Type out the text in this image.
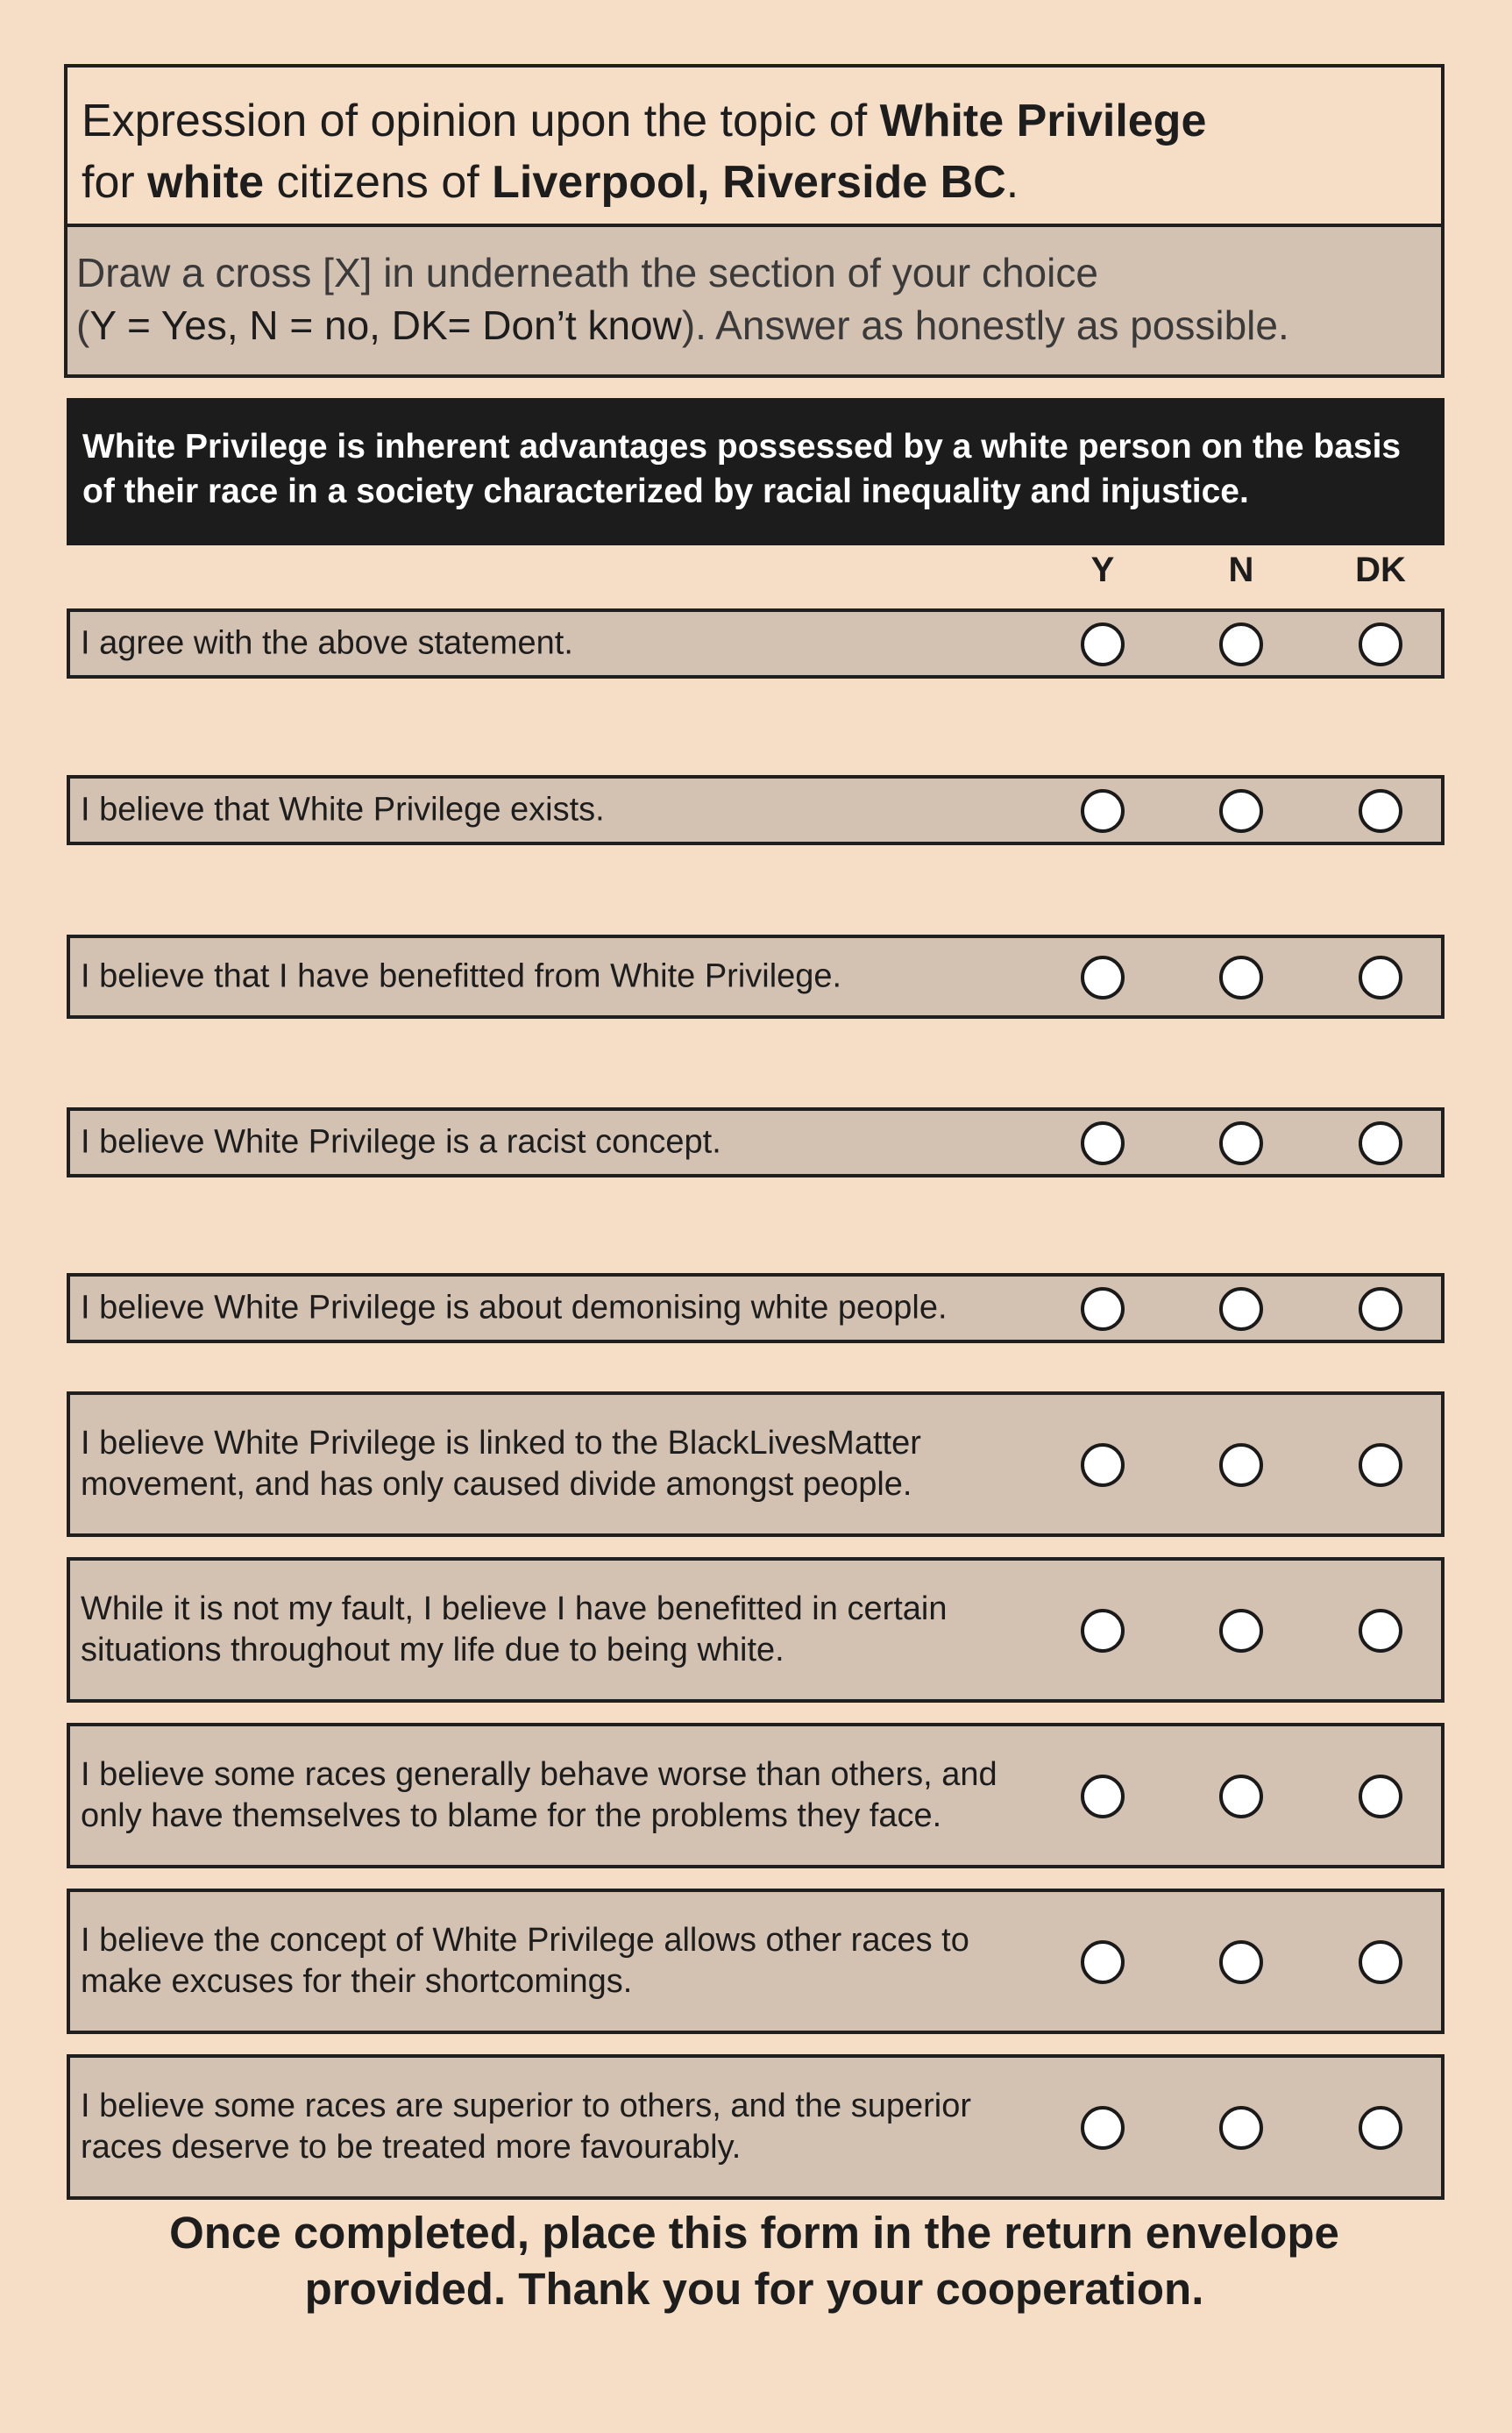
Expression of opinion upon the topic of White Privilege
for white citizens of Liverpool, Riverside BC.
Draw a cross [X] in underneath the section of your choice
(Y = Yes, N = no, DK= Don’t know). Answer as honestly as possible.
White Privilege is inherent advantages possessed by a white person on the basis
of their race in a society characterized by racial inequality and injustice.
Y	N	DK
I agree with the above statement.
I believe that White Privilege exists.
I believe that I have benefitted from White Privilege.
I believe White Privilege is a racist concept.
I believe White Privilege is about demonising white people.
I believe White Privilege is linked to the BlackLivesMatter
movement, and has only caused divide amongst people.
While it is not my fault, I believe I have benefitted in certain
situations throughout my life due to being white.
I believe some races generally behave worse than others, and
only have themselves to blame for the problems they face.
I believe the concept of White Privilege allows other races to
make excuses for their shortcomings.
I believe some races are superior to others, and the superior
races deserve to be treated more favourably.
Once completed, place this form in the return envelope
provided. Thank you for your cooperation.
